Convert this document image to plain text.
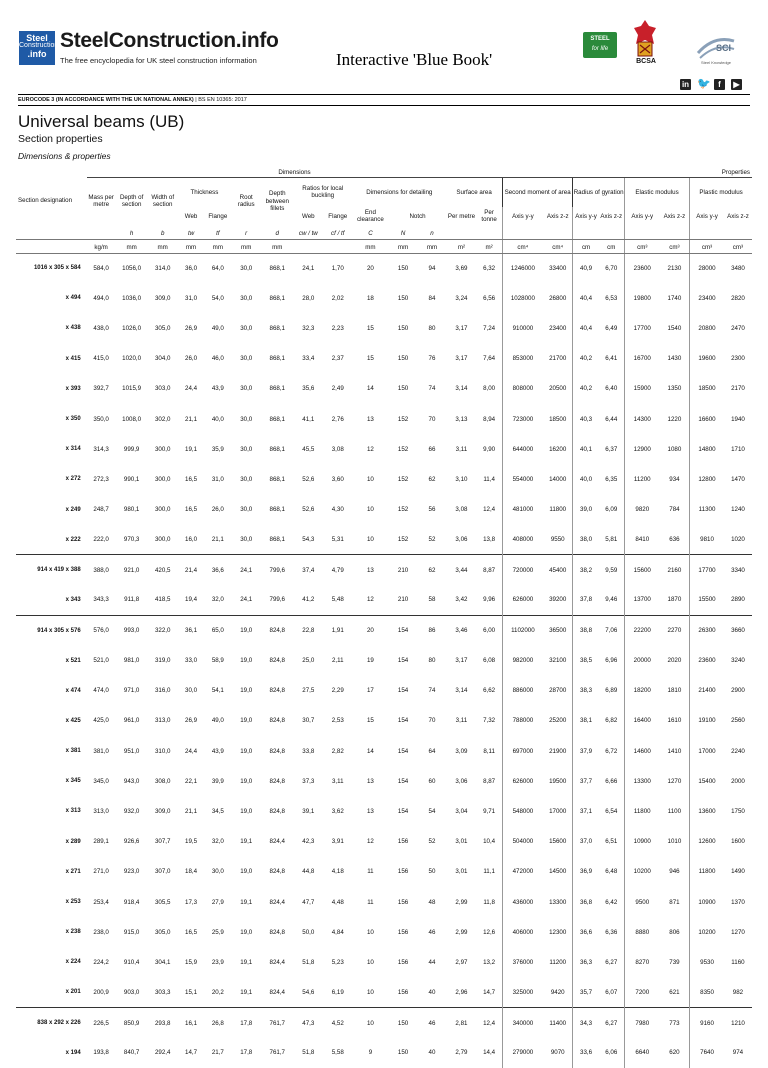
Steel
Construction

.info
SteelConstruction.info
The free encyclopedia for UK steel construction information	Interactive 'Blue Book'
STEEL
for life
BCSA
SCI
Steel Knowledge
in 🐦 f	▶
EUROCODE 3 (IN ACCORDANCE WITH THE UK NATIONAL ANNEX) | BS EN 10365: 2017
Universal beams (UB)
Section properties
Dimensions & properties
	Dimensions														Properties							
Section designation	Mass per metre	Depth of section	Width of section	Thickness		Root radius	Depth between fillets	Ratios for local buckling		Dimensions for detailing			Surface area		Second moment of area		Radius of gyration		Elastic modulus		Plastic modulus	
				Web	Flange			Web	Flange	End clearance	Notch		Per metre	Per tonne	Axis y-y	Axis z-z	Axis y-y	Axis z-z	Axis y-y	Axis z-z	Axis y-y	Axis z-z
		h	b	tw	tf	r	d	cw / tw	cf / tf	C	N	n										
	kg/m	mm	mm	mm	mm	mm	mm			mm	mm	mm	m²	m²	cm⁴	cm⁴	cm	cm	cm³	cm³	cm³	cm³
1016 x 305 x 584	584,0	1056,0	314,0	36,0	64,0	30,0	868,1	24,1	1,70	20	150	94	3,69	6,32	1246000	33400	40,9	6,70	23600	2130	28000	3480
x 494	494,0	1036,0	309,0	31,0	54,0	30,0	868,1	28,0	2,02	18	150	84	3,24	6,56	1028000	26800	40,4	6,53	19800	1740	23400	2820
x 438	438,0	1026,0	305,0	26,9	49,0	30,0	868,1	32,3	2,23	15	150	80	3,17	7,24	910000	23400	40,4	6,49	17700	1540	20800	2470
x 415	415,0	1020,0	304,0	26,0	46,0	30,0	868,1	33,4	2,37	15	150	76	3,17	7,64	853000	21700	40,2	6,41	16700	1430	19600	2300
x 393	392,7	1015,9	303,0	24,4	43,9	30,0	868,1	35,6	2,49	14	150	74	3,14	8,00	808000	20500	40,2	6,40	15900	1350	18500	2170
x 350	350,0	1008,0	302,0	21,1	40,0	30,0	868,1	41,1	2,76	13	152	70	3,13	8,94	723000	18500	40,3	6,44	14300	1220	16600	1940
x 314	314,3	999,9	300,0	19,1	35,9	30,0	868,1	45,5	3,08	12	152	66	3,11	9,90	644000	16200	40,1	6,37	12900	1080	14800	1710
x 272	272,3	990,1	300,0	16,5	31,0	30,0	868,1	52,6	3,60	10	152	62	3,10	11,4	554000	14000	40,0	6,35	11200	934	12800	1470
x 249	248,7	980,1	300,0	16,5	26,0	30,0	868,1	52,6	4,30	10	152	56	3,08	12,4	481000	11800	39,0	6,09	9820	784	11300	1240
x 222	222,0	970,3	300,0	16,0	21,1	30,0	868,1	54,3	5,31	10	152	52	3,06	13,8	408000	9550	38,0	5,81	8410	636	9810	1020
914 x 419 x 388	388,0	921,0	420,5	21,4	36,6	24,1	799,6	37,4	4,79	13	210	62	3,44	8,87	720000	45400	38,2	9,59	15600	2160	17700	3340
x 343	343,3	911,8	418,5	19,4	32,0	24,1	799,6	41,2	5,48	12	210	58	3,42	9,96	626000	39200	37,8	9,46	13700	1870	15500	2890
914 x 305 x 576	576,0	993,0	322,0	36,1	65,0	19,0	824,8	22,8	1,91	20	154	86	3,46	6,00	1102000	36500	38,8	7,06	22200	2270	26300	3660
x 521	521,0	981,0	319,0	33,0	58,9	19,0	824,8	25,0	2,11	19	154	80	3,17	6,08	982000	32100	38,5	6,96	20000	2020	23600	3240
x 474	474,0	971,0	316,0	30,0	54,1	19,0	824,8	27,5	2,29	17	154	74	3,14	6,62	886000	28700	38,3	6,89	18200	1810	21400	2900
x 425	425,0	961,0	313,0	26,9	49,0	19,0	824,8	30,7	2,53	15	154	70	3,11	7,32	788000	25200	38,1	6,82	16400	1610	19100	2560
x 381	381,0	951,0	310,0	24,4	43,9	19,0	824,8	33,8	2,82	14	154	64	3,09	8,11	697000	21900	37,9	6,72	14600	1410	17000	2240
x 345	345,0	943,0	308,0	22,1	39,9	19,0	824,8	37,3	3,11	13	154	60	3,06	8,87	626000	19500	37,7	6,66	13300	1270	15400	2000
x 313	313,0	932,0	309,0	21,1	34,5	19,0	824,8	39,1	3,62	13	154	54	3,04	9,71	548000	17000	37,1	6,54	11800	1100	13600	1750
x 289	289,1	926,6	307,7	19,5	32,0	19,1	824,4	42,3	3,91	12	156	52	3,01	10,4	504000	15600	37,0	6,51	10900	1010	12600	1600
x 271	271,0	923,0	307,0	18,4	30,0	19,0	824,8	44,8	4,18	11	156	50	3,01	11,1	472000	14500	36,9	6,48	10200	946	11800	1490
x 253	253,4	918,4	305,5	17,3	27,9	19,1	824,4	47,7	4,48	11	156	48	2,99	11,8	436000	13300	36,8	6,42	9500	871	10900	1370
x 238	238,0	915,0	305,0	16,5	25,9	19,0	824,8	50,0	4,84	10	156	46	2,99	12,6	406000	12300	36,6	6,36	8880	806	10200	1270
x 224	224,2	910,4	304,1	15,9	23,9	19,1	824,4	51,8	5,23	10	156	44	2,97	13,2	376000	11200	36,3	6,27	8270	739	9530	1160
x 201	200,9	903,0	303,3	15,1	20,2	19,1	824,4	54,6	6,19	10	156	40	2,96	14,7	325000	9420	35,7	6,07	7200	621	8350	982
838 x 292 x 226	226,5	850,9	293,8	16,1	26,8	17,8	761,7	47,3	4,52	10	150	46	2,81	12,4	340000	11400	34,3	6,27	7980	773	9160	1210
x 194	193,8	840,7	292,4	14,7	21,7	17,8	761,7	51,8	5,58	9	150	40	2,79	14,4	279000	9070	33,6	6,06	6640	620	7640	974
